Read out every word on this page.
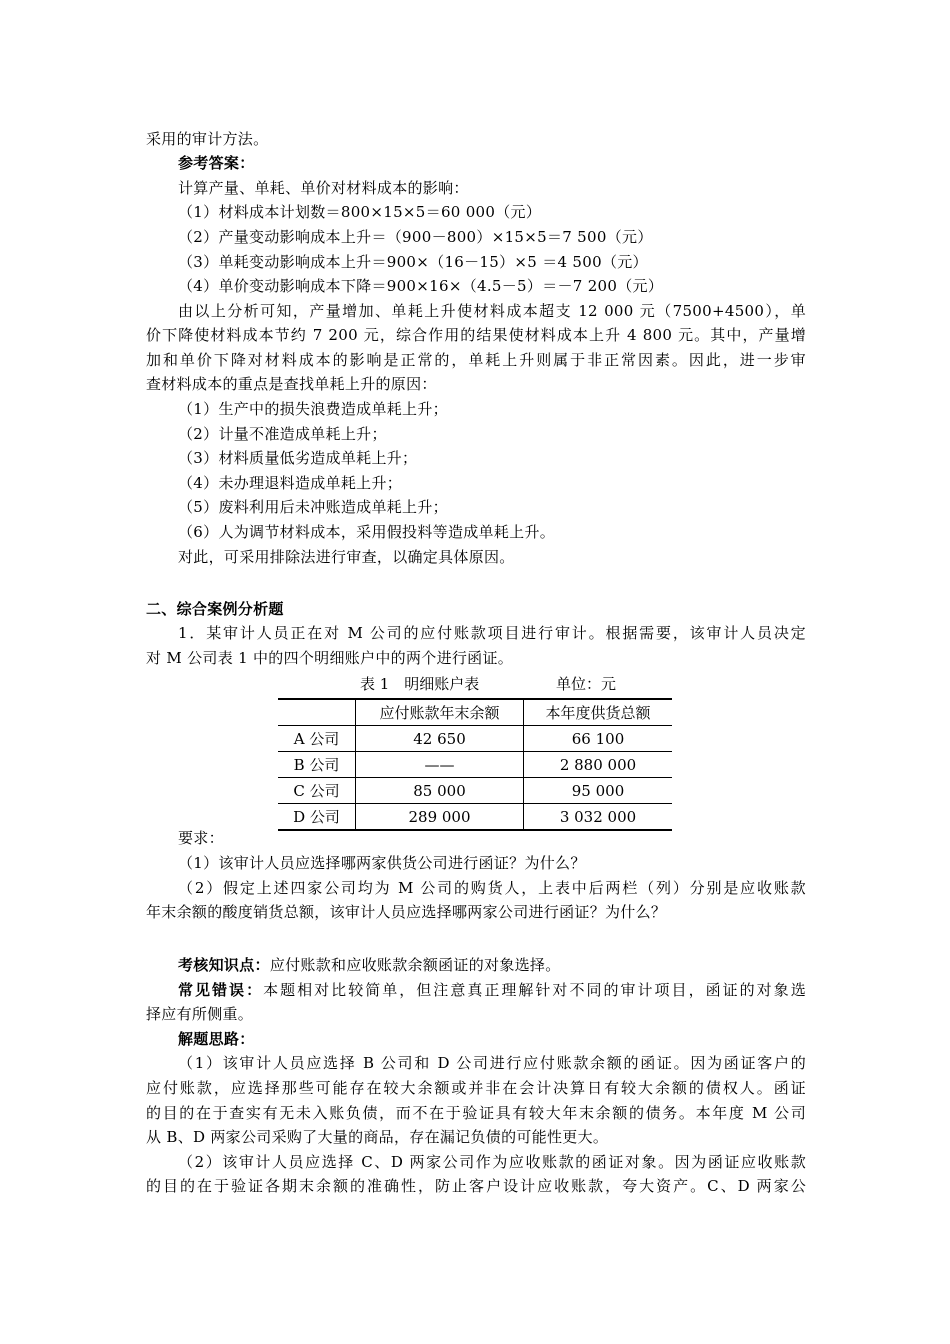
采用的审计方法。
参考答案：
计算产量、单耗、单价对材料成本的影响：
（1）材料成本计划数＝800×15×5＝60 000（元）
（2）产量变动影响成本上升＝（900－800）×15×5＝7 500（元）
（3）单耗变动影响成本上升＝900×（16－15）×5 ＝4 500（元）
（4）单价变动影响成本下降＝900×16×（4.5－5）＝－7 200（元）
由以上分析可知，产量增加、单耗上升使材料成本超支 12 000 元（7500+4500），单
价下降使材料成本节约 7 200 元，综合作用的结果使材料成本上升 4 800 元。其中，产量增
加和单价下降对材料成本的影响是正常的，单耗上升则属于非正常因素。因此，进一步审
查材料成本的重点是查找单耗上升的原因：
（1）生产中的损失浪费造成单耗上升；
（2）计量不准造成单耗上升；
（3）材料质量低劣造成单耗上升；
（4）未办理退料造成单耗上升；
（5）废料利用后未冲账造成单耗上升；
（6）人为调节材料成本，采用假投料等造成单耗上升。
对此，可采用排除法进行审查，以确定具体原因。
二、综合案例分析题
1．某审计人员正在对 M 公司的应付账款项目进行审计。根据需要，该审计人员决定
对 M 公司表 1 中的四个明细账户中的两个进行函证。
表 1　明细账户表	单位：元
	应付账款年末余额	本年度供货总额
A 公司	42 650	66 100
B 公司	——	2 880 000
C 公司	85 000	95 000
D 公司	289 000	3 032 000
要求：
（1）该审计人员应选择哪两家供货公司进行函证？为什么？
（2）假定上述四家公司均为 M 公司的购货人，上表中后两栏（列）分别是应收账款
年末余额的酸度销货总额，该审计人员应选择哪两家公司进行函证？为什么？
考核知识点：应付账款和应收账款余额函证的对象选择。
常见错误：本题相对比较简单，但注意真正理解针对不同的审计项目，函证的对象选
择应有所侧重。
解题思路：
（1）该审计人员应选择 B 公司和 D 公司进行应付账款余额的函证。因为函证客户的
应付账款，应选择那些可能存在较大余额或并非在会计决算日有较大余额的债权人。函证
的目的在于查实有无未入账负债，而不在于验证具有较大年末余额的债务。本年度 M 公司
从 B、D 两家公司采购了大量的商品，存在漏记负债的可能性更大。
（2）该审计人员应选择 C、D 两家公司作为应收账款的函证对象。因为函证应收账款
的目的在于验证各期末余额的准确性，防止客户设计应收账款，夸大资产。C、D 两家公
